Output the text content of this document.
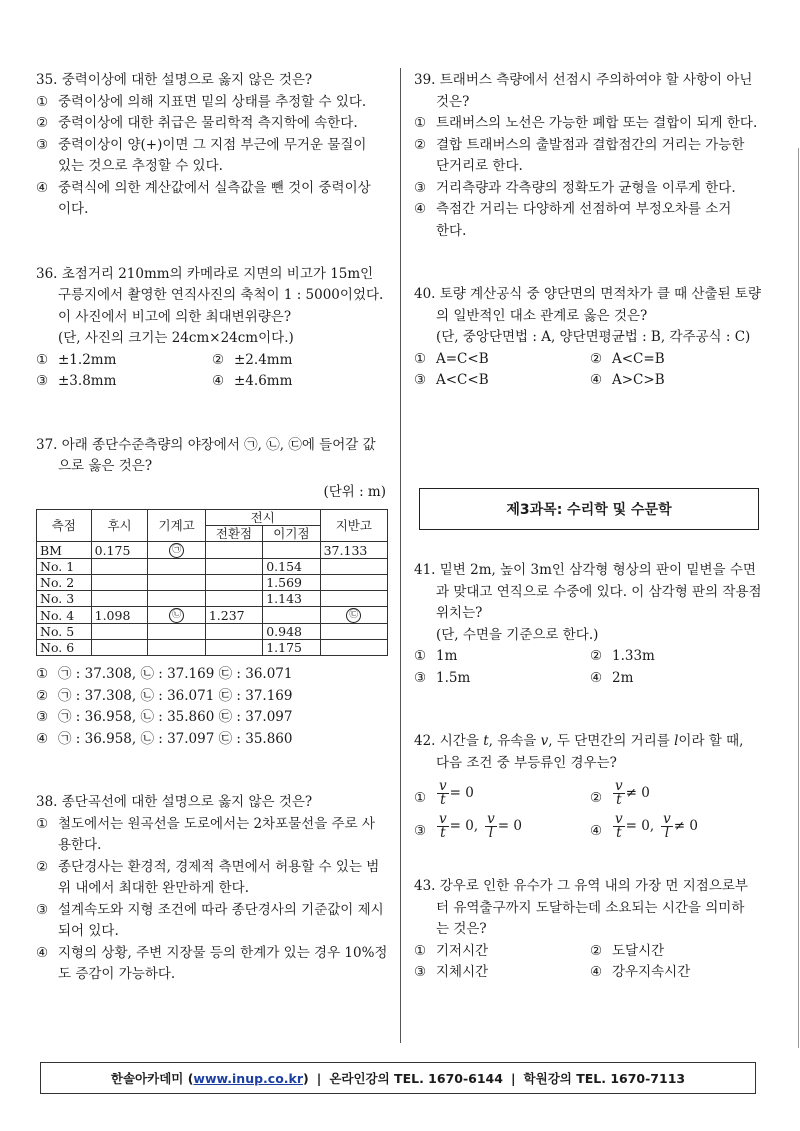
35. 중력이상에 대한 설명으로 옳지 않은 것은?
① 중력이상에 의해 지표면 밑의 상태를 추정할 수 있다.
② 중력이상에 대한 취급은 물리학적 측지학에 속한다.
③ 중력이상이 양(+)이면 그 지점 부근에 무거운 물질이
있는 것으로 추정할 수 있다.
④ 중력식에 의한 계산값에서 실측값을 뺀 것이 중력이상
이다.
36. 초점거리 210mm의 카메라로 지면의 비고가 15m인
구릉지에서 촬영한 연직사진의 축척이 1 : 5000이었다.
이 사진에서 비고에 의한 최대변위량은?
(단, 사진의 크기는 24cm×24cm이다.)
① ±1.2mm	② ±2.4mm
③ ±3.8mm	④ ±4.6mm
37. 아래 종단수준측량의 야장에서 ㉠, ㉡, ㉢에 들어갈 값
으로 옳은 것은?
(단위 : m)
측점	후시	기계고	전시		지반고
			전환점	이기점	
BM	0.175	㉠			37.133
No. 1				0.154	
No. 2				1.569	
No. 3				1.143	
No. 4	1.098	㉡	1.237		㉢
No. 5				0.948	
No. 6				1.175	
① ㉠ : 37.308, ㉡ : 37.169 ㉢ : 36.071
② ㉠ : 37.308, ㉡ : 36.071 ㉢ : 37.169
③ ㉠ : 36.958, ㉡ : 35.860 ㉢ : 37.097
④ ㉠ : 36.958, ㉡ : 37.097 ㉢ : 35.860
38. 종단곡선에 대한 설명으로 옳지 않은 것은?
① 철도에서는 원곡선을 도로에서는 2차포물선을 주로 사
용한다.
② 종단경사는 환경적, 경제적 측면에서 허용할 수 있는 범
위 내에서 최대한 완만하게 한다.
③ 설계속도와 지형 조건에 따라 종단경사의 기준값이 제시
되어 있다.
④ 지형의 상황, 주변 지장물 등의 한계가 있는 경우 10%정
도 증감이 가능하다.
39. 트래버스 측량에서 선점시 주의하여야 할 사항이 아닌
것은?
① 트래버스의 노선은 가능한 폐합 또는 결합이 되게 한다.
② 결합 트래버스의 출발점과 결합점간의 거리는 가능한
단거리로 한다.
③ 거리측량과 각측량의 정확도가 균형을 이루게 한다.
④ 측점간 거리는 다양하게 선점하여 부정오차를 소거
한다.
40. 토량 계산공식 중 양단면의 면적차가 클 때 산출된 토량
의 일반적인 대소 관계로 옳은 것은?
(단, 중앙단면법 : A, 양단면평균법 : B, 각주공식 : C)
① A=C<B	② A<C=B
③ A<C<B	④ A>C>B
제3과목: 수리학 및 수문학
41. 밑변 2m, 높이 3m인 삼각형 형상의 판이 밑변을 수면
과 맞대고 연직으로 수중에 있다. 이 삼각형 판의 작용점
위치는?
(단, 수면을 기준으로 한다.)
① 1m	② 1.33m
③ 1.5m	④ 2m
42. 시간을 t, 유속을 v, 두 단면간의 거리를 l이라 할 때,
다음 조건 중 부등류인 경우는?
① $\frac{v}{t} = 0$	② $\frac{v}{t} \ne 0$
③ $\frac{v}{t} = 0$, $\frac{v}{l} = 0$	④ $\frac{v}{t} = 0$, $\frac{v}{l} \ne 0$
43. 강우로 인한 유수가 그 유역 내의 가장 먼 지점으로부
터 유역출구까지 도달하는데 소요되는 시간을 의미하
는 것은?
① 기저시간	② 도달시간
③ 지체시간	④ 강우지속시간
한솔아카데미 ( www.inup.co.kr ) | 온라인강의 TEL. 1670-6144 | 학원강의 TEL. 1670-7113
